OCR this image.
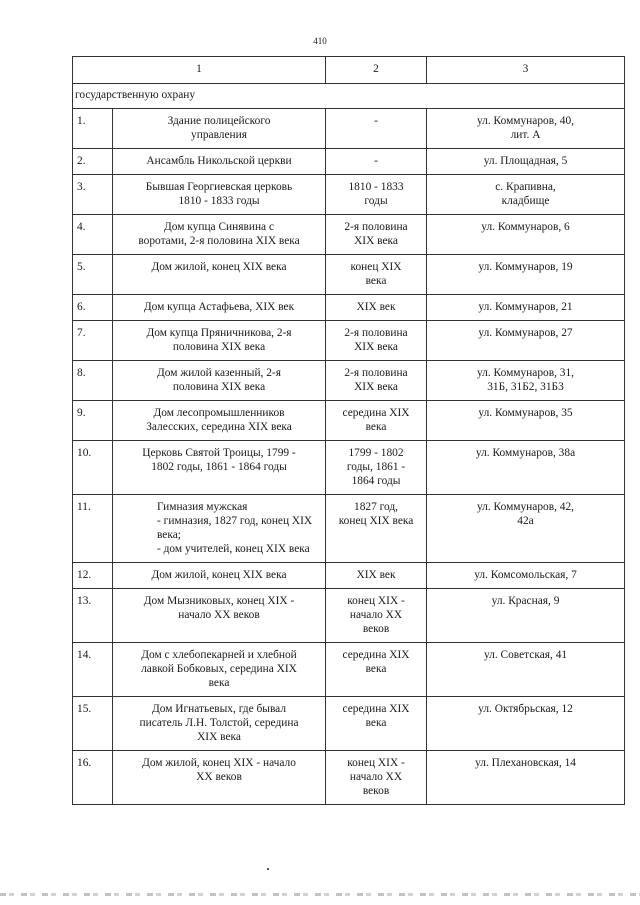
410
1		2	3
государственную охрану			
1.	Здание полицейского
управления	-	ул. Коммунаров, 40,
лит. А
2.	Ансамбль Никольской церкви	-	ул. Площадная, 5
3.	Бывшая Георгиевская церковь
1810 - 1833 годы	1810 - 1833
годы	с. Крапивна,
кладбище
4.	Дом купца Синявина с
воротами, 2-я половина XIX века	2-я половина
XIX века	ул. Коммунаров, 6
5.	Дом жилой, конец XIX века	конец XIX
века	ул. Коммунаров, 19
6.	Дом купца Астафьева, XIX век	XIX век	ул. Коммунаров, 21
7.	Дом купца Пряничникова, 2-я
половина XIX века	2-я половина
XIX века	ул. Коммунаров, 27
8.	Дом жилой казенный, 2-я
половина XIX века	2-я половина
XIX века	ул. Коммунаров, 31,
31Б, 31Б2, 31Б3
9.	Дом лесопромышленников
Залесских, середина XIX века	середина XIX
века	ул. Коммунаров, 35
10.	Церковь Святой Троицы, 1799 -
1802 годы, 1861 - 1864 годы	1799 - 1802
годы, 1861 -
1864 годы	ул. Коммунаров, 38а
11.	Гимназия мужская
- гимназия, 1827 год, конец XIX
века;
- дом учителей, конец XIX века	1827 год,
конец XIX века	ул. Коммунаров, 42,
42а
12.	Дом жилой, конец XIX века	XIX век	ул. Комсомольская, 7
13.	Дом Мызниковых, конец XIX -
начало XX веков	конец XIX -
начало XX
веков	ул. Красная, 9
14.	Дом с хлебопекарней и хлебной
лавкой Бобковых, середина XIX
века	середина XIX
века	ул. Советская, 41
15.	Дом Игнатьевых, где бывал
писатель Л.Н. Толстой, середина
XIX века	середина XIX
века	ул. Октябрьская, 12
16.	Дом жилой, конец XIX - начало
XX веков	конец XIX -
начало XX
веков	ул. Плехановская, 14
